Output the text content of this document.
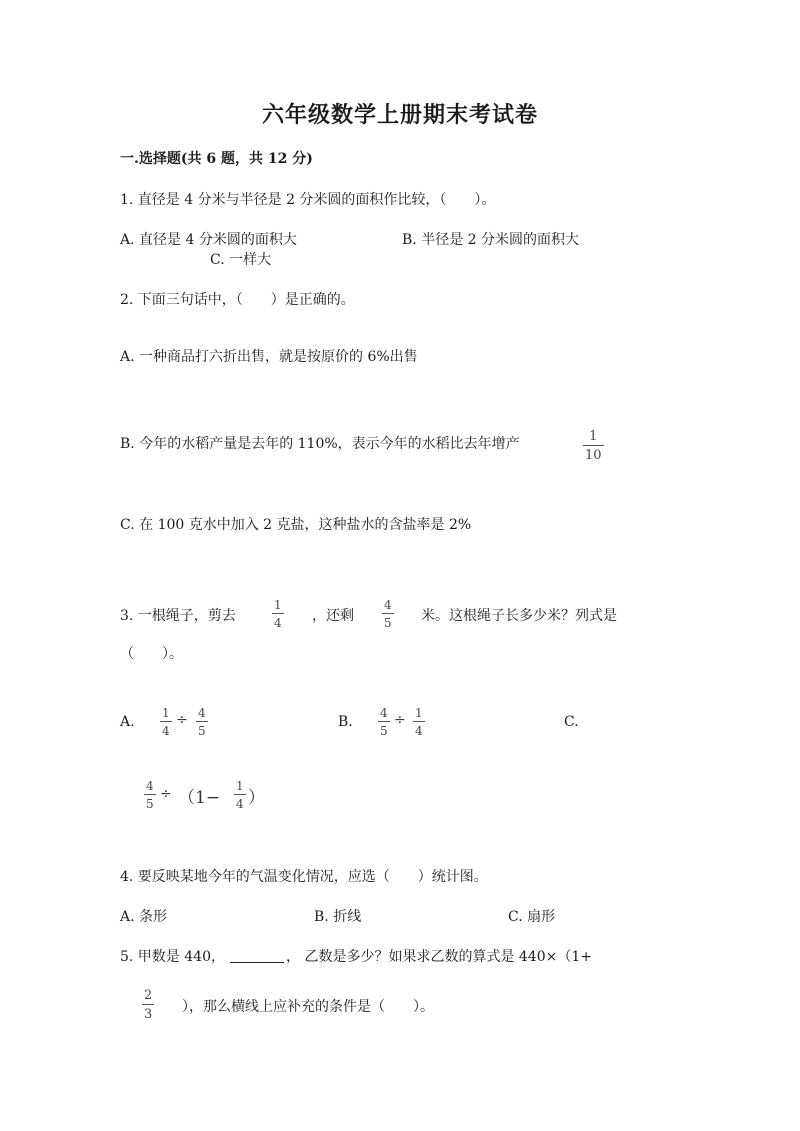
六年级数学上册期末考试卷
一.选择题(共 6 题，共 12 分)
1. 直径是 4 分米与半径是 2 分米圆的面积作比较，（　　）。
A. 直径是 4 分米圆的面积大	B. 半径是 2 分米圆的面积大
C. 一样大
2. 下面三句话中，（　　）是正确的。
A. 一种商品打六折出售，就是按原价的 6%出售
B. 今年的水稻产量是去年的 110%，表示今年的水稻比去年增产	1
10
C. 在 100 克水中加入 2 克盐，这种盐水的含盐率是 2%
3. 一根绳子，剪去
1
4 ，还剩
4
5 米。这根绳子长多少米？列式是
（　　）。
A.
1
4
÷ 4
5
B.
4
5
÷ 1
4
C.
4
5
÷ （1−
1
4 ）
4. 要反映某地今年的气温变化情况，应选（　　）统计图。
A. 条形	B. 折线	C. 扇形
5. 甲数是 440，	， 乙数是多少？如果求乙数的算式是 440×（1+
2
3 ），那么横线上应补充的条件是（　　）。
